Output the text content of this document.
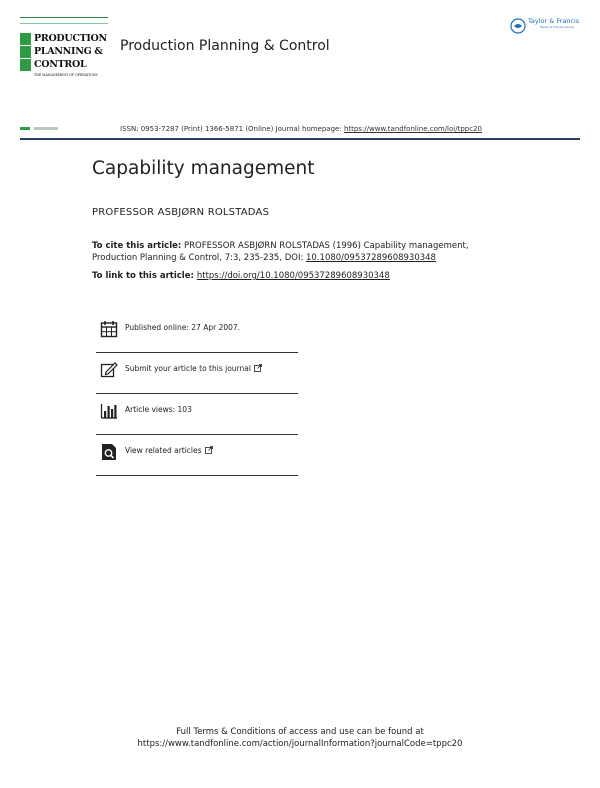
PRODUCTION
PLANNING &
CONTROL
THE MANAGEMENT OF OPERATIONS
Production Planning & Control
Taylor & Francis
Taylor & Francis Group
ISSN: 0953-7287 (Print) 1366-5871 (Online) Journal homepage: https://www.tandfonline.com/loi/tppc20
Capability management
PROFESSOR ASBJØRN ROLSTADAS
To cite this article: PROFESSOR ASBJØRN ROLSTADAS (1996) Capability management, Production Planning & Control, 7:3, 235-235, DOI: 10.1080/09537289608930348
To link to this article: https://doi.org/10.1080/09537289608930348
Published online: 27 Apr 2007.
Submit your article to this journal
Article views: 103
View related articles
Full Terms & Conditions of access and use can be found at
https://www.tandfonline.com/action/journalInformation?journalCode=tppc20
